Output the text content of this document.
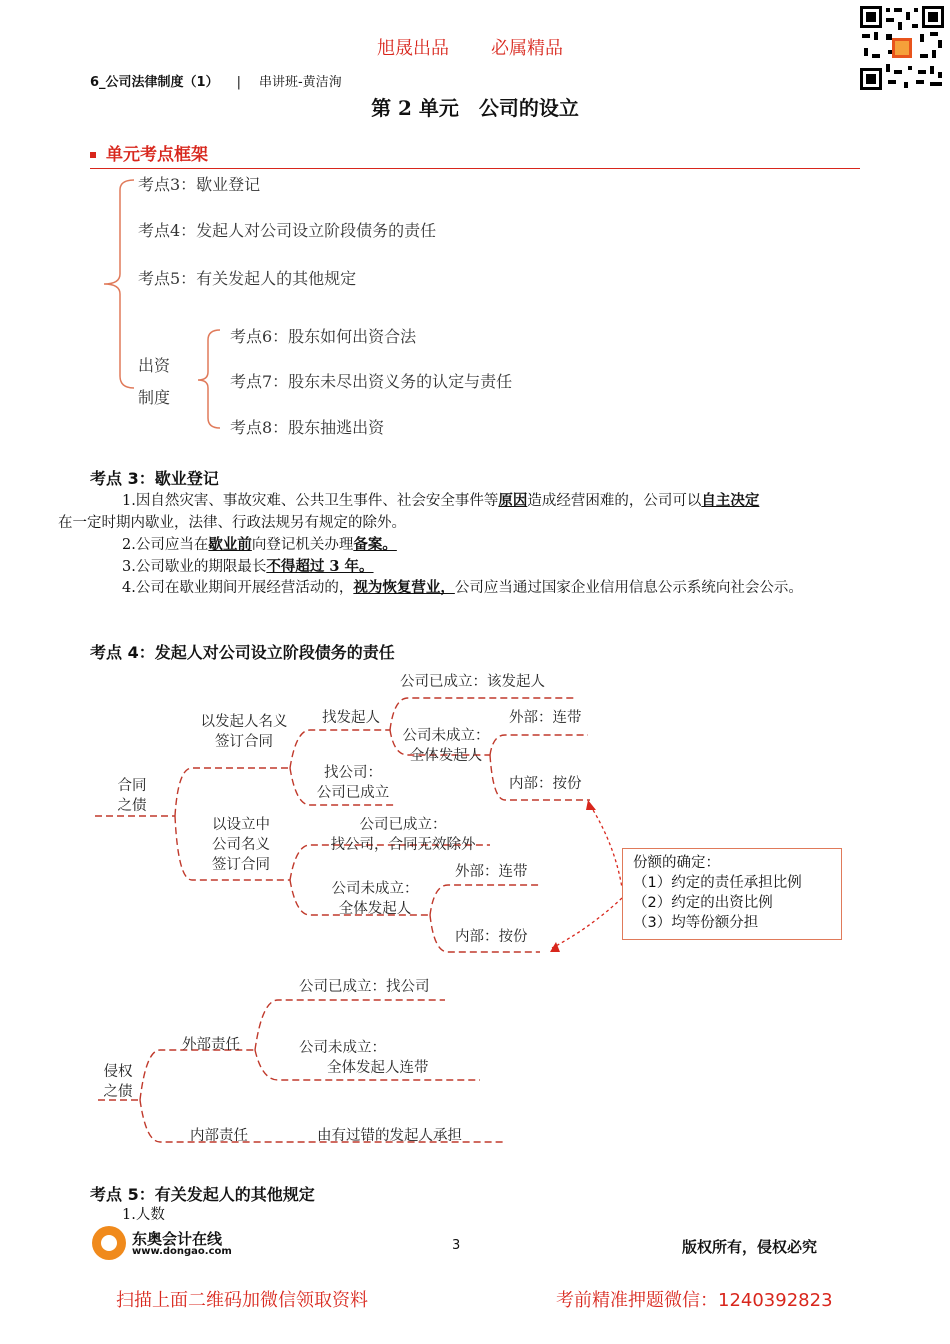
旭晟出品 必属精品
6_公司法律制度（1） | 串讲班-黄洁洵
第 2 单元　公司的设立
单元考点框架
考点3：歇业登记
考点4：发起人对公司设立阶段债务的责任
考点5：有关发起人的其他规定
出资
制度
考点6：股东如何出资合法
考点7：股东未尽出资义务的认定与责任
考点8：股东抽逃出资
考点 3：歇业登记
1.因自然灾害、事故灾难、公共卫生事件、社会安全事件等原因造成经营困难的，公司可以自主决定
在一定时期内歇业，法律、行政法规另有规定的除外。
2.公司应当在歇业前向登记机关办理备案。
3.公司歇业的期限最长不得超过 3 年。
4.公司在歇业期间开展经营活动的，视为恢复营业，公司应当通过国家企业信用信息公示系统向社会公示。
考点 4：发起人对公司设立阶段债务的责任
合同
之债
以发起人名义
签订合同
找发起人
公司已成立：该发起人
公司未成立：
全体发起人
外部：连带
内部：按份
找公司：
公司已成立
以设立中
公司名义
签订合同
公司已成立：
找公司，合同无效除外
公司未成立：
全体发起人
外部：连带
内部：按份
份额的确定：
（1）约定的责任承担比例
（2）约定的出资比例
（3）均等份额分担
侵权
之债
外部责任
公司已成立：找公司
公司未成立：
全体发起人连带
内部责任	由有过错的发起人承担
考点 5：有关发起人的其他规定
1.人数
东奥会计在线
www.dongao.com	3	版权所有，侵权必究
扫描上面二维码加微信领取资料	考前精准押题微信：1240392823
